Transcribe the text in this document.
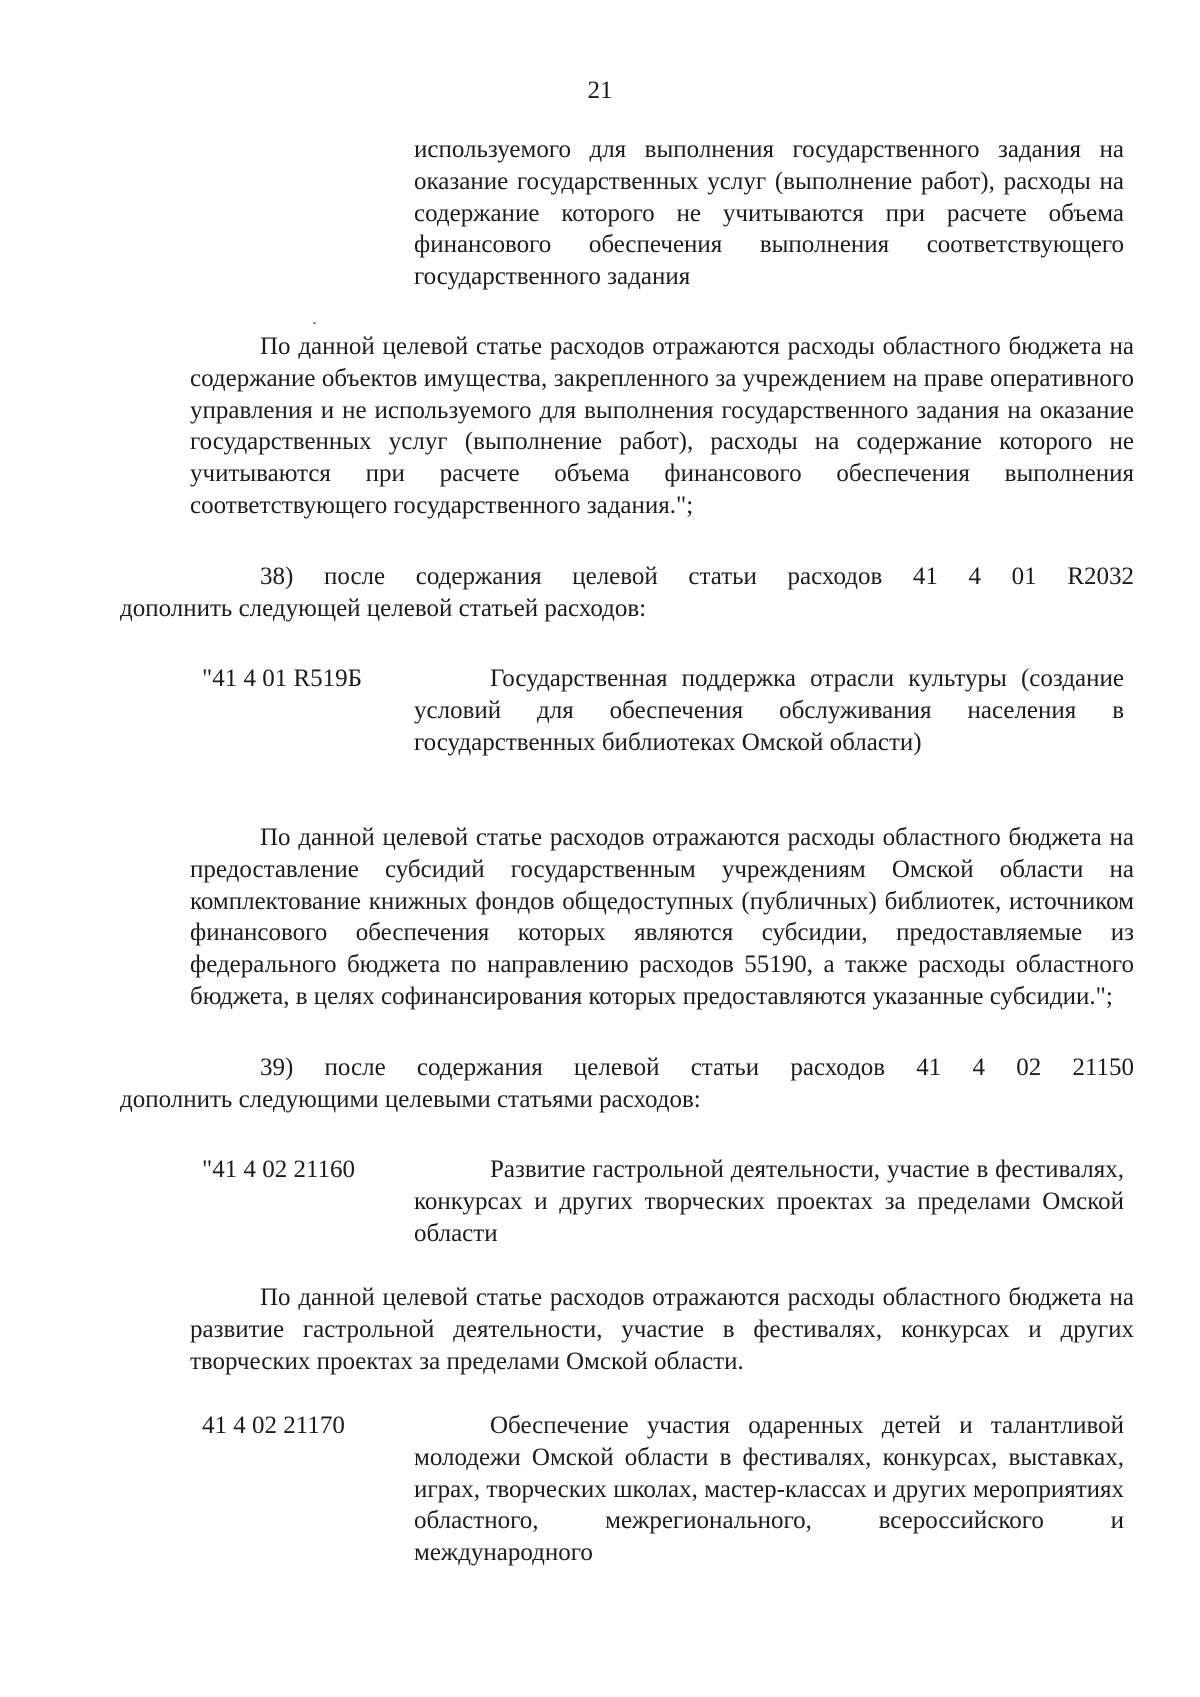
21
используемого для выполнения государственного задания на оказание государственных услуг (выполнение работ), расходы на содержание которого не учитываются при расчете объема финансового обеспечения выполнения соответствующего государственного задания
По данной целевой статье расходов отражаются расходы областного бюджета на содержание объектов имущества, закрепленного за учреждением на праве оперативного управления и не используемого для выполнения государственного задания на оказание государственных услуг (выполнение работ), расходы на содержание которого не учитываются при расчете объема финансового обеспечения выполнения соответствующего государственного задания.";
38) после содержания целевой статьи расходов 41 4 01 R2032
дополнить следующей целевой статьей расходов:
"41 4 01 R519Б	Государственная поддержка отрасли культуры (создание условий для обеспечения обслуживания населения в государственных библиотеках Омской области)
По данной целевой статье расходов отражаются расходы областного бюджета на предоставление субсидий государственным учреждениям Омской области на комплектование книжных фондов общедоступных (публичных) библиотек, источником финансового обеспечения которых являются субсидии, предоставляемые из федерального бюджета по направлению расходов 55190, а также расходы областного бюджета, в целях софинансирования которых предоставляются указанные субсидии.";
39) после содержания целевой статьи расходов 41 4 02 21150
дополнить следующими целевыми статьями расходов:
"41 4 02 21160	Развитие гастрольной деятельности, участие в фестивалях, конкурсах и других творческих проектах за пределами Омской области
По данной целевой статье расходов отражаются расходы областного бюджета на развитие гастрольной деятельности, участие в фестивалях, конкурсах и других творческих проектах за пределами Омской области.
41 4 02 21170	Обеспечение участия одаренных детей и талантливой молодежи Омской области в фестивалях, конкурсах, выставках, играх, творческих школах, мастер-классах и других мероприятиях областного, межрегионального, всероссийского и международного
